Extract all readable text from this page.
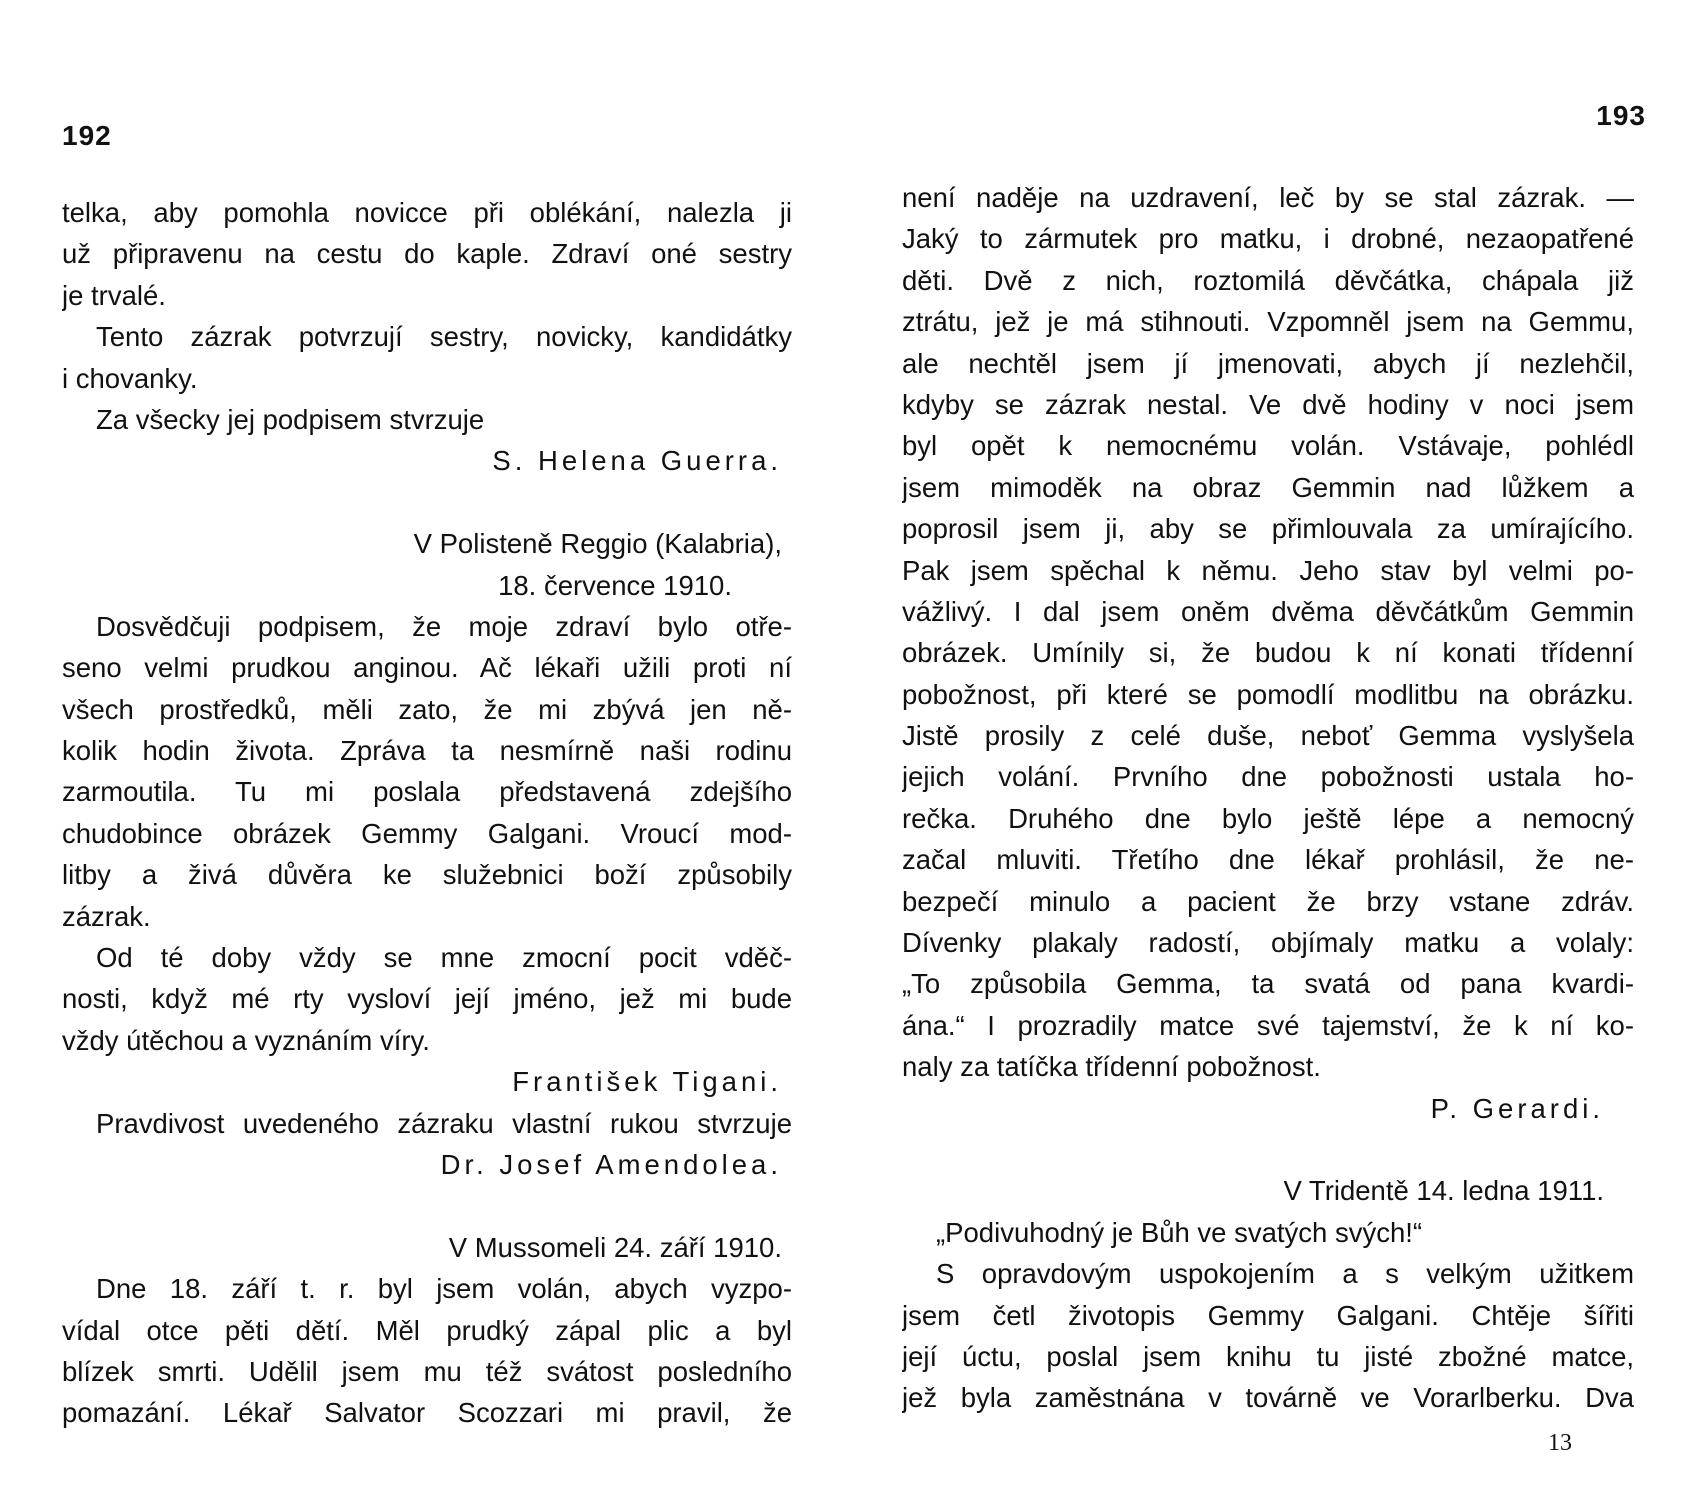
192
telka, aby pomohla novicce při oblékání, nalezla ji
už připravenu na cestu do kaple. Zdraví oné sestry
je trvalé.
Tento zázrak potvrzují sestry, novicky, kandidátky
i chovanky.
Za všecky jej podpisem stvrzuje
S. Helena Guerra.
V Polisteně Reggio (Kalabria),
18. července 1910.
Dosvědčuji podpisem, že moje zdraví bylo otře-
seno velmi prudkou anginou. Ač lékaři užili proti ní
všech prostředků, měli zato, že mi zbývá jen ně-
kolik hodin života. Zpráva ta nesmírně naši rodinu
zarmoutila. Tu mi poslala představená zdejšího
chudobince obrázek Gemmy Galgani. Vroucí mod-
litby a živá důvěra ke služebnici boží způsobily
zázrak.
Od té doby vždy se mne zmocní pocit vděč-
nosti, když mé rty vysloví její jméno, jež mi bude
vždy útěchou a vyznáním víry.
František Tigani.
Pravdivost uvedeného zázraku vlastní rukou stvrzuje
Dr. Josef Amendolea.
V Mussomeli 24. září 1910.
Dne 18. září t. r. byl jsem volán, abych vyzpo-
vídal otce pěti dětí. Měl prudký zápal plic a byl
blízek smrti. Udělil jsem mu též svátost posledního
pomazání. Lékař Salvator Scozzari mi pravil, že
193
není naděje na uzdravení, leč by se stal zázrak. —
Jaký to zármutek pro matku, i drobné, nezaopatřené
děti. Dvě z nich, roztomilá děvčátka, chápala již
ztrátu, jež je má stihnouti. Vzpomněl jsem na Gemmu,
ale nechtěl jsem jí jmenovati, abych jí nezlehčil,
kdyby se zázrak nestal. Ve dvě hodiny v noci jsem
byl opět k nemocnému volán. Vstávaje, pohlédl
jsem mimoděk na obraz Gemmin nad lůžkem a
poprosil jsem ji, aby se přimlouvala za umírajícího.
Pak jsem spěchal k němu. Jeho stav byl velmi po-
vážlivý. I dal jsem oněm dvěma děvčátkům Gemmin
obrázek. Umínily si, že budou k ní konati třídenní
pobožnost, při které se pomodlí modlitbu na obrázku.
Jistě prosily z celé duše, neboť Gemma vyslyšela
jejich volání. Prvního dne pobožnosti ustala ho-
rečka. Druhého dne bylo ještě lépe a nemocný
začal mluviti. Třetího dne lékař prohlásil, že ne-
bezpečí minulo a pacient že brzy vstane zdráv.
Dívenky plakaly radostí, objímaly matku a volaly:
„To způsobila Gemma, ta svatá od pana kvardi-
ána.“ I prozradily matce své tajemství, že k ní ko-
naly za tatíčka třídenní pobožnost.
P. Gerardi.
V Tridentě 14. ledna 1911.
„Podivuhodný je Bůh ve svatých svých!“
S opravdovým uspokojením a s velkým užitkem
jsem četl životopis Gemmy Galgani. Chtěje šířiti
její úctu, poslal jsem knihu tu jisté zbožné matce,
jež byla zaměstnána v továrně ve Vorarlberku. Dva
13
